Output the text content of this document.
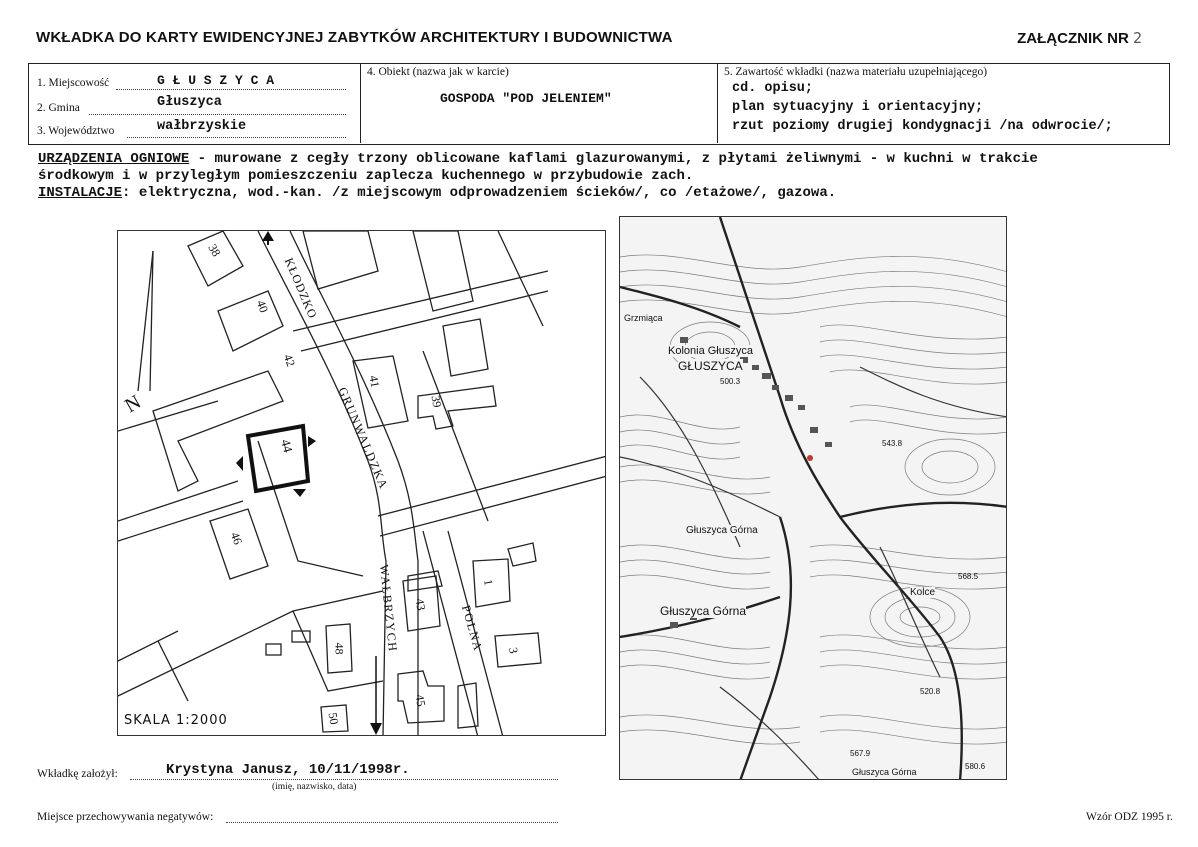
WKŁADKA DO KARTY EWIDENCYJNEJ ZABYTKÓW ARCHITEKTURY I BUDOWNICTWA	ZAŁĄCZNIK NR 2
1. Miejscowość	G Ł U S Z Y C A
2. Gmina	Głuszyca
3. Województwo	wałbrzyskie
4. Obiekt (nazwa jak w karcie)
GOSPODA "POD JELENIEM"
5. Zawartość wkładki (nazwa materiału uzupełniającego)
cd. opisu;
plan sytuacyjny i orientacyjny;
rzut poziomy drugiej kondygnacji /na odwrocie/;
URZĄDZENIA OGNIOWE - murowane z cegły trzony oblicowane kaflami glazurowanymi, z płytami żeliwnymi - w kuchni w trakcie
środkowym i w przyległym pomieszczeniu zaplecza kuchennego w przybudowie zach.
INSTALACJE: elektryczna, wod.-kan. /z miejscowym odprowadzeniem ścieków/, co /etażowe/, gazowa.
KŁODZKO
GRUNWALDZKA
WAŁBRZYCH	POLNA
N
38
40
42
41
39
44
46
1
43
48	3
45
50
SKALA 1:2000
Kolonia Głuszyca
GŁUSZYCA
Głuszyca Górna
Głuszyca Górna
Kolce
Grzmiąca
Głuszyca Górna
500.3
543.8
568.5
520.8
567.9
580.6
Wkładkę założył:	Krystyna Janusz, 10/11/1998r.
(imię, nazwisko, data)
Miejsce przechowywania negatywów:	Wzór ODZ 1995 r.
